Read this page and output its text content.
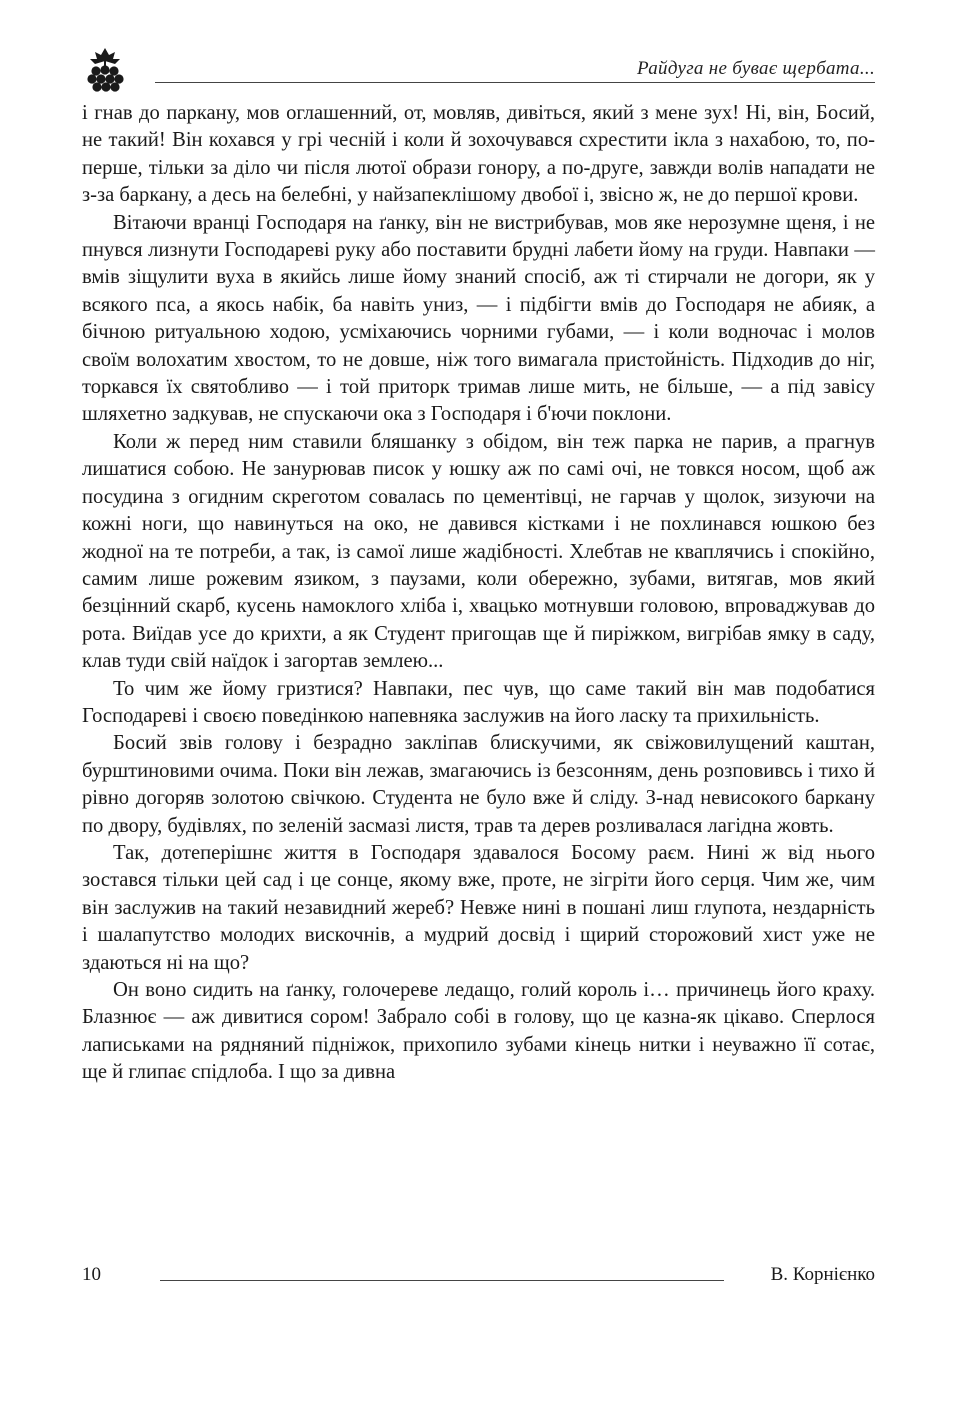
Райдуга не буває щербата...

і гнав до паркану, мов оглашенний, от, мовляв, дивіться, який з мене зух! Ні, він, Босий, не такий! Він кохався у грі чесній і коли й зохочувався схрестити ікла з нахабою, то, по-перше, тільки за діло чи після лютої образи гонору, а по-друге, завжди волів нападати не з-за баркану, а десь на белебні, у найзапеклішому двобої і, звісно ж, не до першої крови.

Вітаючи вранці Господаря на ґанку, він не вистрибував, мов яке нерозумне щеня, і не пнувся лизнути Господареві руку або поставити брудні лабети йому на груди. Навпаки — вмів зіщулити вуха в якийсь лише йому знаний спосіб, аж ті стирчали не догори, як у всякого пса, а якось набік, ба навіть униз, — і підбігти вмів до Господаря не абияк, а бічною ритуальною ходою, усміхаючись чорними губами, — і коли водночас і молов своїм волохатим хвостом, то не довше, ніж того вимагала пристойність. Підходив до ніг, торкався їх святобливо — і той приторк тримав лише мить, не більше, — а під завісу шляхетно задкував, не спускаючи ока з Господаря і б'ючи поклони.

Коли ж перед ним ставили бляшанку з обідом, він теж парка не парив, а прагнув лишатися собою. Не занурював писок у юшку аж по самі очі, не товкся носом, щоб аж посудина з огидним скреготом совалась по цементівці, не гарчав у щолок, зизуючи на кожні ноги, що навинуться на око, не давився кістками і не похлинався юшкою без жодної на те потреби, а так, із самої лише жадібності. Хлебтав не кваплячись і спокійно, самим лише рожевим язиком, з паузами, коли обережно, зубами, витягав, мов який безцінний скарб, кусень намоклого хліба і, хвацько мотнувши головою, впроваджував до рота. Виїдав усе до крихти, а як Студент пригощав ще й пиріжком, вигрібав ямку в саду, клав туди свій наїдок і загортав землею...

То чим же йому гризтися? Навпаки, пес чув, що саме такий він мав подобатися Господареві і своєю поведінкою напевняка заслужив на його ласку та прихильність.

Босий звів голову і безрадно закліпав блискучими, як свіжовилущений каштан, бурштиновими очима. Поки він лежав, змагаючись із безсонням, день розповивсь і тихо й рівно догоряв золотою свічкою. Студента не було вже й сліду. З-над невисокого баркану по двору, будівлях, по зеленій засмазі листя, трав та дерев розливалася лагідна жовть.

Так, дотеперішнє життя в Господаря здавалося Босому раєм. Нині ж від нього зостався тільки цей сад і це сонце, якому вже, проте, не зігріти його серця. Чим же, чим він заслужив на такий незавидний жереб? Невже нині в пошані лиш глупота, нездарність і шалапутство молодих вискочнів, а мудрий досвід і щирий сторожовий хист уже не здаються ні на що?

Он воно сидить на ґанку, голочереве ледащо, голий король і… причинець його краху. Блазнює — аж дивитися сором! Забрало собі в голову, що це казна-як цікаво. Сперлося лаписьками на рядняний підніжок, прихопило зубами кінець нитки і неуважно її сотає, ще й глипає спідлоба. І що за дивна

10	В. Корнієнко
